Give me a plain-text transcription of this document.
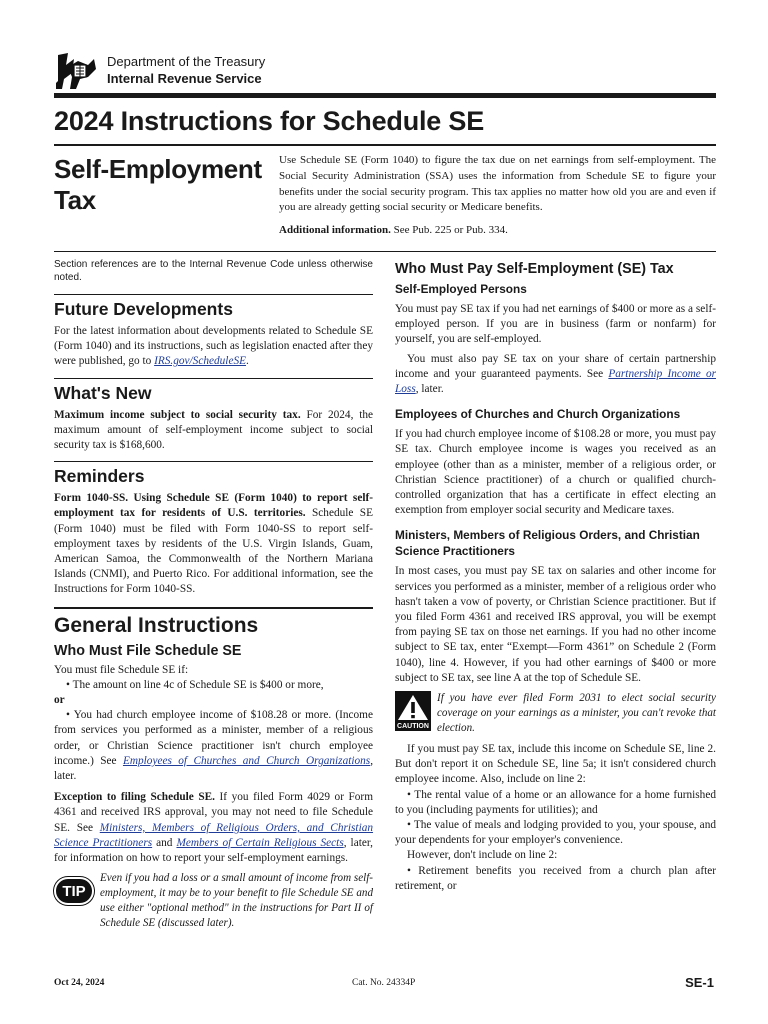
Department of the Treasury
Internal Revenue Service
2024 Instructions for Schedule SE
Self-Employment
Tax

Use Schedule SE (Form 1040) to figure the tax due on net earnings from self-employment. The Social Security Administration (SSA) uses the information from Schedule SE to figure your benefits under the social security program. This tax applies no matter how old you are and even if you are already getting social security or Medicare benefits.

Additional information. See Pub. 225 or Pub. 334.

Section references are to the Internal Revenue Code unless otherwise noted.

Future Developments

For the latest information about developments related to Schedule SE (Form 1040) and its instructions, such as legislation enacted after they were published, go to IRS.gov/ScheduleSE.

What's New

Maximum income subject to social security tax. For 2024, the maximum amount of self-employment income subject to social security tax is $168,600.

Reminders

Form 1040-SS. Using Schedule SE (Form 1040) to report self-employment tax for residents of U.S. territories. Schedule SE (Form 1040) must be filed with Form 1040-SS to report self-employment taxes by residents of the U.S. Virgin Islands, Guam, American Samoa, the Commonwealth of the Northern Mariana Islands (CNMI), and Puerto Rico. For additional information, see the Instructions for Form 1040-SS.

General Instructions
Who Must File Schedule SE

You must file Schedule SE if:

• The amount on line 4c of Schedule SE is $400 or more,

or

• You had church employee income of $108.28 or more. (Income from services you performed as a minister, member of a religious order, or Christian Science practitioner isn't church employee income.) See Employees of Churches and Church Organizations, later.

Exception to filing Schedule SE. If you filed Form 4029 or Form 4361 and received IRS approval, you may not need to file Schedule SE. See Ministers, Members of Religious Orders, and Christian Science Practitioners and Members of Certain Religious Sects, later, for information on how to report your self-employment earnings.

TIP

Even if you had a loss or a small amount of income from self-employment, it may be to your benefit to file Schedule SE and use either "optional method" in the instructions for Part II of Schedule SE (discussed later).

Who Must Pay Self-Employment (SE) Tax
Self-Employed Persons

You must pay SE tax if you had net earnings of $400 or more as a self-employed person. If you are in business (farm or nonfarm) for yourself, you are self-employed.

You must also pay SE tax on your share of certain partnership income and your guaranteed payments. See Partnership Income or Loss, later.

Employees of Churches and Church Organizations

If you had church employee income of $108.28 or more, you must pay SE tax. Church employee income is wages you received as an employee (other than as a minister, member of a religious order, or Christian Science practitioner) of a church or qualified church-controlled organization that has a certificate in effect electing an exemption from employer social security and Medicare taxes.

Ministers, Members of Religious Orders, and Christian Science Practitioners

In most cases, you must pay SE tax on salaries and other income for services you performed as a minister, member of a religious order who hasn't taken a vow of poverty, or Christian Science practitioner. But if you filed Form 4361 and received IRS approval, you will be exempt from paying SE tax on those net earnings. If you had no other income subject to SE tax, enter “Exempt—Form 4361” on Schedule 2 (Form 1040), line 4. However, if you had other earnings of $400 or more subject to SE tax, see line A at the top of Schedule SE.

CAUTION

If you have ever filed Form 2031 to elect social security coverage on your earnings as a minister, you can't revoke that election.

If you must pay SE tax, include this income on Schedule SE, line 2. But don't report it on Schedule SE, line 5a; it isn't considered church employee income. Also, include on line 2:

• The rental value of a home or an allowance for a home furnished to you (including payments for utilities); and

• The value of meals and lodging provided to you, your spouse, and your dependents for your employer's convenience.

However, don't include on line 2:

• Retirement benefits you received from a church plan after retirement, or

Oct 24, 2024	Cat. No. 24334P	SE-1
